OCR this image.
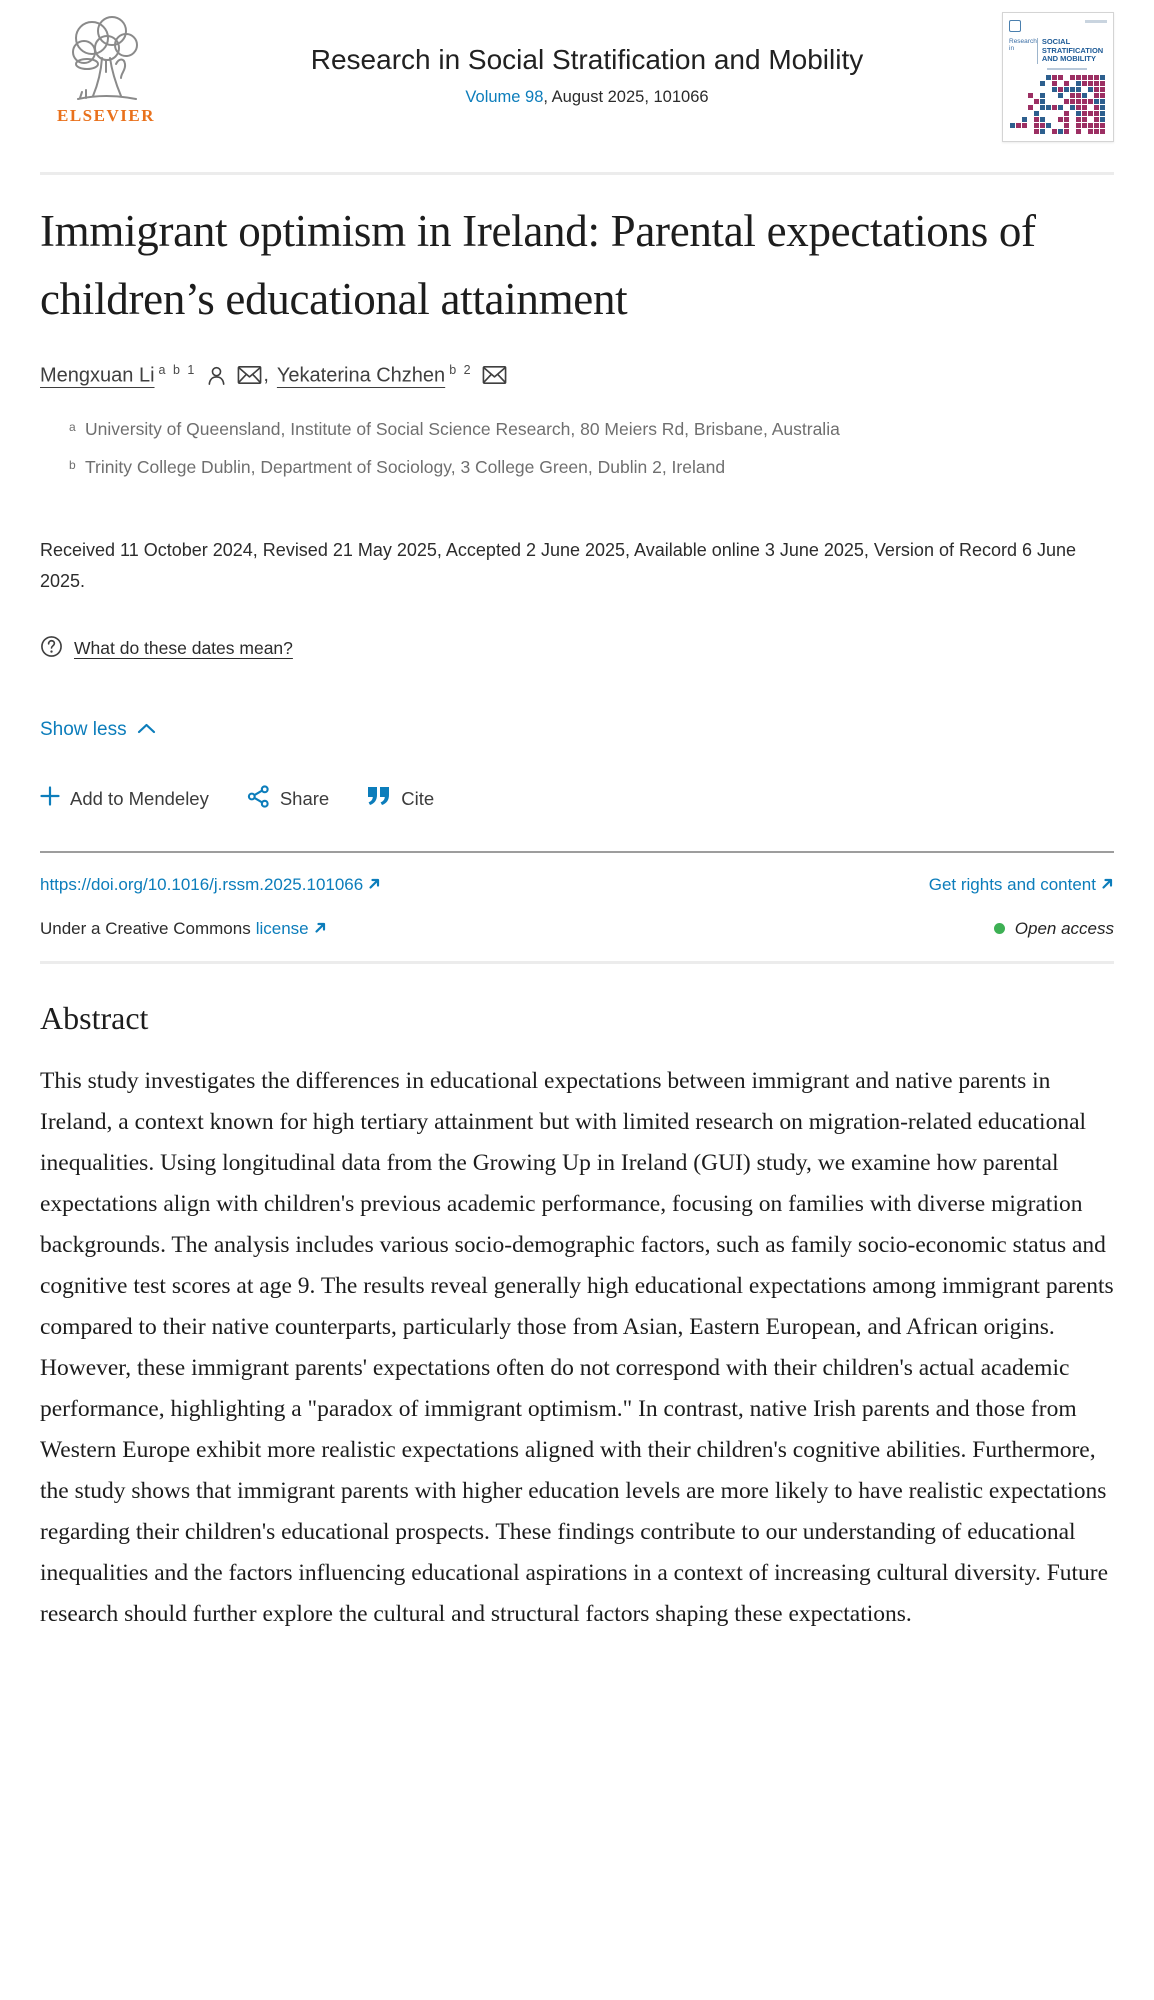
ELSEVIER
Research in Social Stratification and Mobility
Volume 98, August 2025, 101066
Research in
SOCIAL STRATIFICATION AND MOBILITY
Immigrant optimism in Ireland: Parental expectations of children’s educational attainment
Mengxuan Li $^{a b 1}$	, Yekaterina Chzhen $^{b 2}$
a University of Queensland, Institute of Social Science Research, 80 Meiers Rd, Brisbane, Australia
b Trinity College Dublin, Department of Sociology, 3 College Green, Dublin 2, Ireland

Received 11 October 2024, Revised 21 May 2025, Accepted 2 June 2025, Available online 3 June 2025, Version of Record 6 June 2025.

What do these dates mean?
Show less
Add to Mendeley	Share	Cite
https://doi.org/10.1016/j.rssm.2025.101066	Get rights and content
Under a Creative Commons license	Open access
Abstract

This study investigates the differences in educational expectations between immigrant and native parents in Ireland, a context known for high tertiary attainment but with limited research on migration-related educational inequalities. Using longitudinal data from the Growing Up in Ireland (GUI) study, we examine how parental expectations align with children's previous academic performance, focusing on families with diverse migration backgrounds. The analysis includes various socio-demographic factors, such as family socio-economic status and cognitive test scores at age 9. The results reveal generally high educational expectations among immigrant parents compared to their native counterparts, particularly those from Asian, Eastern European, and African origins. However, these immigrant parents' expectations often do not correspond with their children's actual academic performance, highlighting a "paradox of immigrant optimism." In contrast, native Irish parents and those from Western Europe exhibit more realistic expectations aligned with their children's cognitive abilities. Furthermore, the study shows that immigrant parents with higher education levels are more likely to have realistic expectations regarding their children's educational prospects. These findings contribute to our understanding of educational inequalities and the factors influencing educational aspirations in a context of increasing cultural diversity. Future research should further explore the cultural and structural factors shaping these expectations.
